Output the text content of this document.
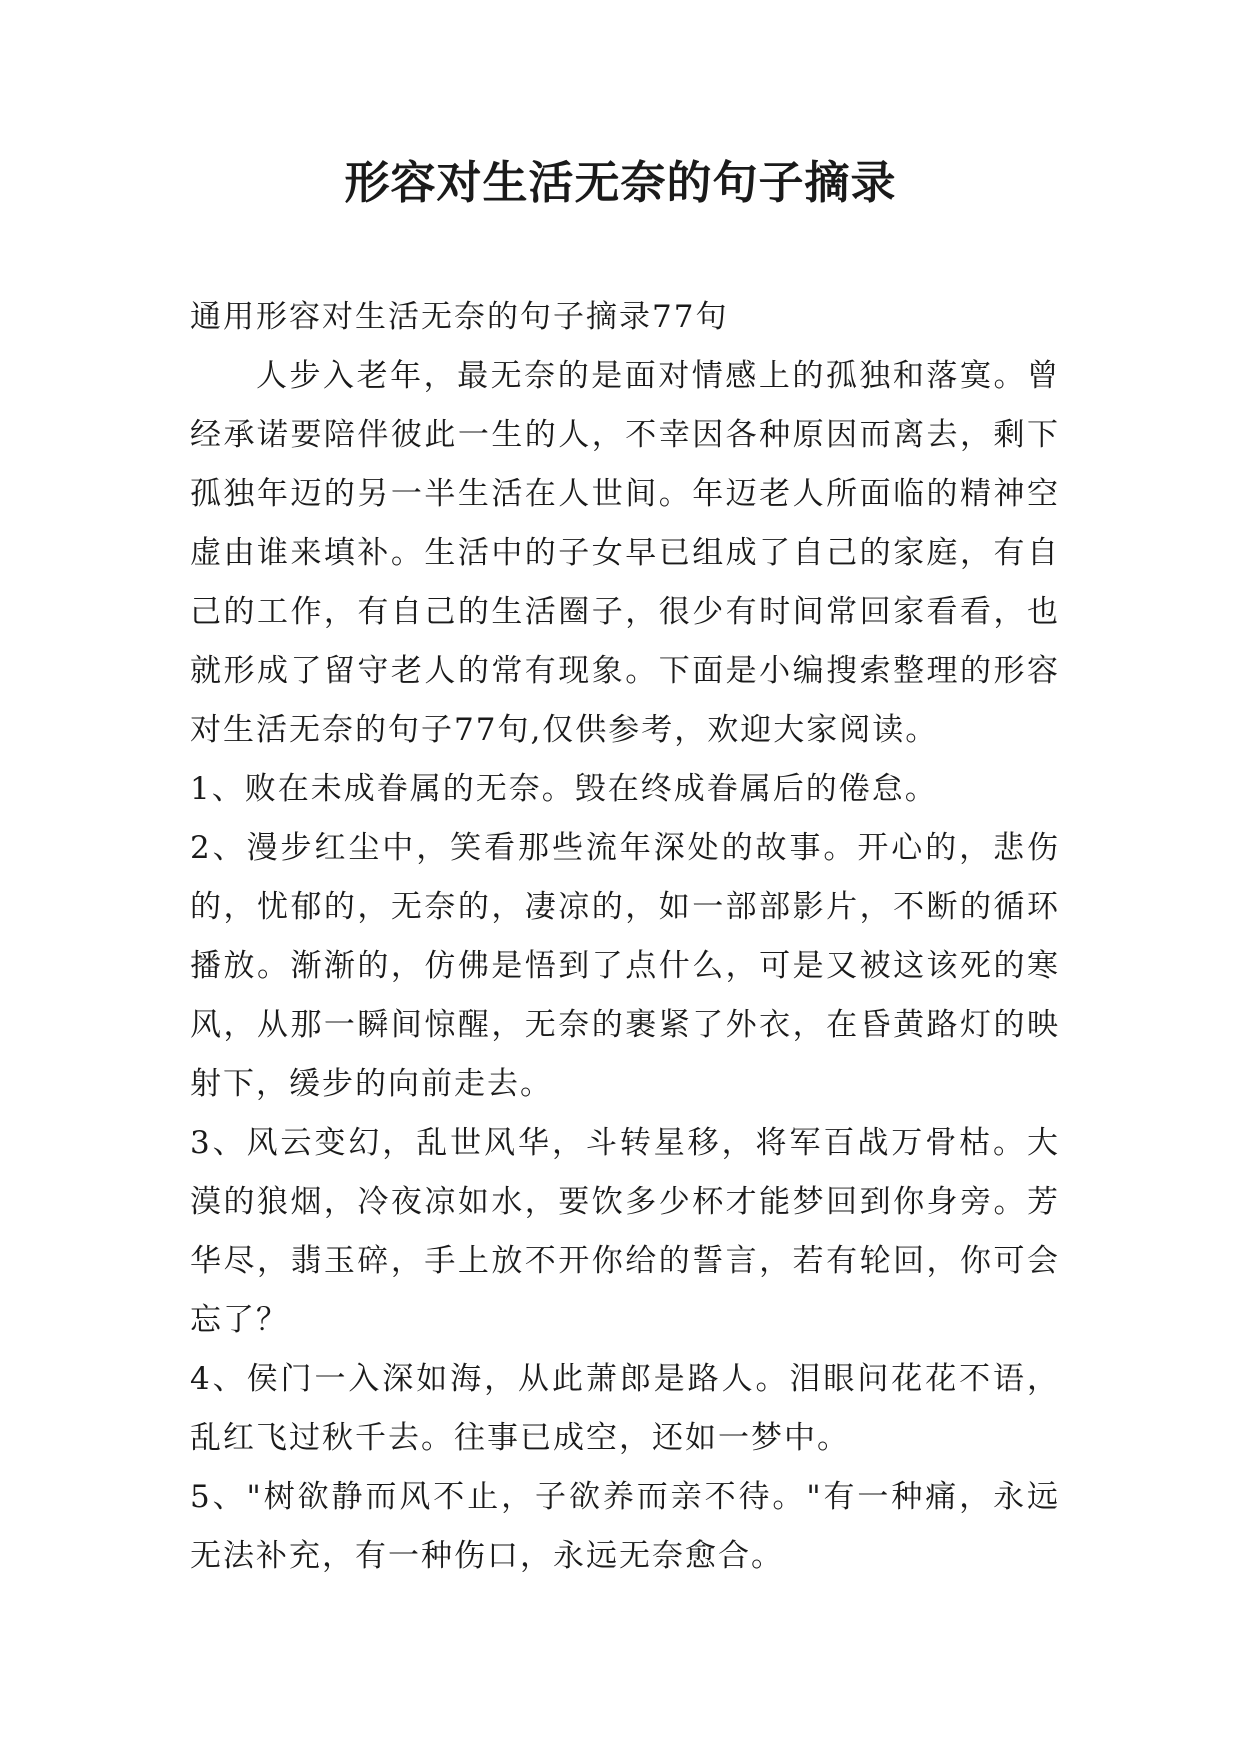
形容对生活无奈的句子摘录

通用形容对生活无奈的句子摘录77句

人步入老年，最无奈的是面对情感上的孤独和落寞。曾经承诺要陪伴彼此一生的人，不幸因各种原因而离去，剩下孤独年迈的另一半生活在人世间。年迈老人所面临的精神空虚由谁来填补。生活中的子女早已组成了自己的家庭，有自己的工作，有自己的生活圈子，很少有时间常回家看看，也就形成了留守老人的常有现象。下面是小编搜索整理的形容对生活无奈的句子77句,仅供参考，欢迎大家阅读。

1、败在未成眷属的无奈。毁在终成眷属后的倦怠。

2、漫步红尘中，笑看那些流年深处的故事。开心的，悲伤的，忧郁的，无奈的，凄凉的，如一部部影片，不断的循环播放。渐渐的，仿佛是悟到了点什么，可是又被这该死的寒风，从那一瞬间惊醒，无奈的裹紧了外衣，在昏黄路灯的映射下，缓步的向前走去。

3、风云变幻，乱世风华，斗转星移，将军百战万骨枯。大漠的狼烟，冷夜凉如水，要饮多少杯才能梦回到你身旁。芳华尽，翡玉碎，手上放不开你给的誓言，若有轮回，你可会忘了？

4、侯门一入深如海，从此萧郎是路人。泪眼问花花不语，乱红飞过秋千去。往事已成空，还如一梦中。

5、"树欲静而风不止，子欲养而亲不待。"有一种痛，永远无法补充，有一种伤口，永远无奈愈合。
